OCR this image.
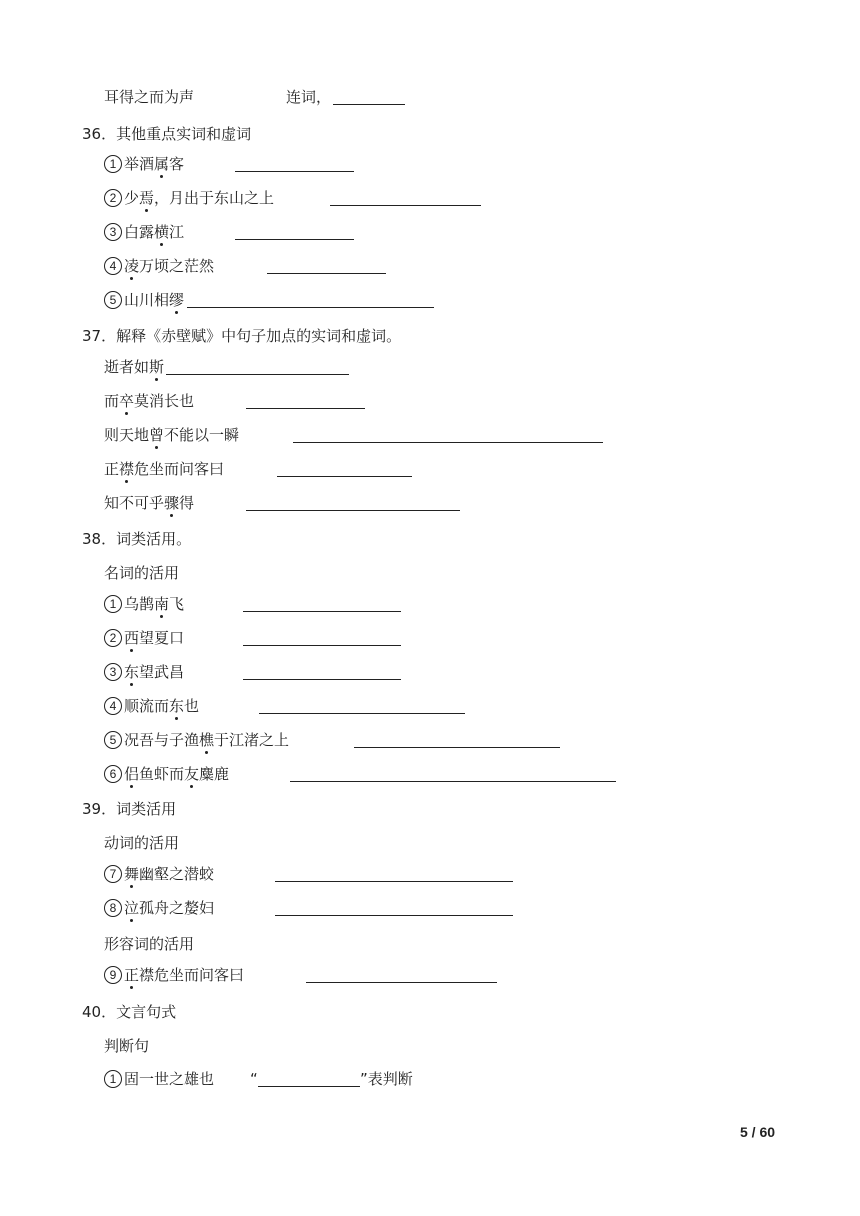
耳得之而为声	连词，
36．其他重点实词和虚词
1 举酒属客
2 少焉，月出于东山之上
3 白露横江
4 凌万顷之茫然
5 山川相缪
37．解释《赤壁赋》中句子加点的实词和虚词。
逝者如斯
而卒莫消长也
则天地曾不能以一瞬
正襟危坐而问客曰
知不可乎骤得
38．词类活用。
名词的活用
1 乌鹊南飞
2 西望夏口
3 东望武昌
4 顺流而东也
5 况吾与子渔樵于江渚之上
6 侣鱼虾而友麋鹿
39．词类活用
动词的活用
7 舞幽壑之潜蛟
8 泣孤舟之嫠妇
形容词的活用
9 正襟危坐而问客曰
40．文言句式
判断句
1 固一世之雄也 “	”表判断
5 / 60
